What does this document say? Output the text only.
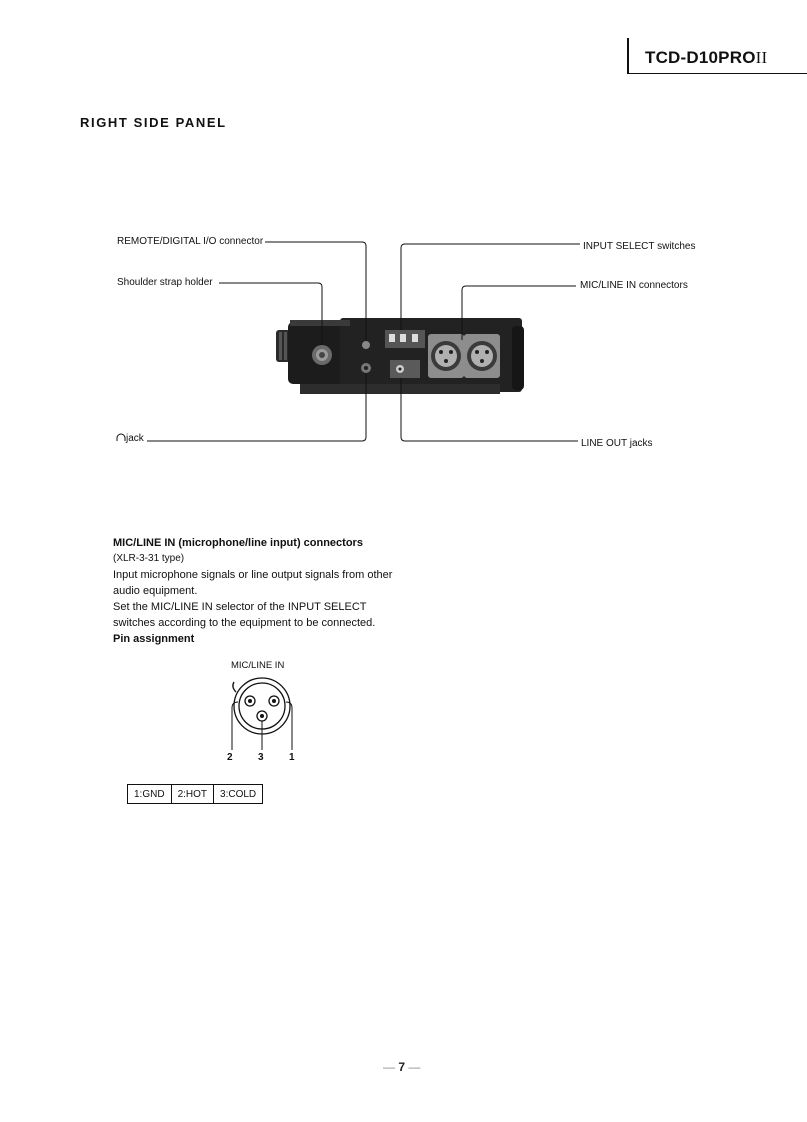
TCD-D10PROII
RIGHT SIDE PANEL
REMOTE/DIGITAL I/O connector
Shoulder strap holder
jack
INPUT SELECT switches
MIC/LINE IN connectors
LINE OUT jacks
MIC/LINE IN (microphone/line input) connectors
(XLR-3-31 type)
Input microphone signals or line output signals from other
audio equipment.
Set the MIC/LINE IN selector of the INPUT SELECT
switches according to the equipment to be connected.
Pin assignment
MIC/LINE IN
2	3	1
1:GND	2:HOT	3:COLD
— 7 —
